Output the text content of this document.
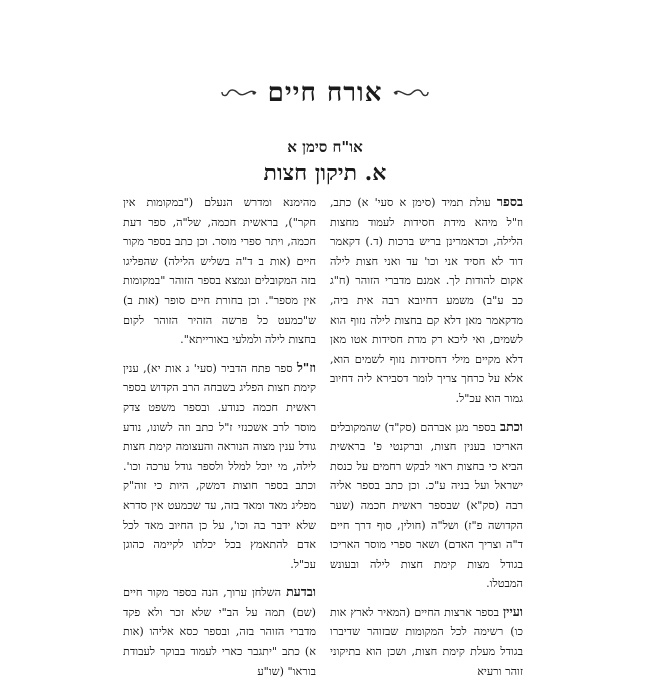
אורח חיים
או"ח סימן א
א. תיקון חצות

בספר עולת תמיד (סימן א סעי' א) כתב, וז"ל מיהא מידת חסידות לעמוד מחצות הלילה, וכדאמרינן בריש ברכות (ד.) דקאמר דוד לא חסיד אני וכו' עד ואני חצות לילה אקום להודות לך. אמנם מדברי הזוהר (ח"ג כב ע"ב) משמע דחיובא רבה אית ביה, מדקאמר מאן דלא קם בחצות לילה נזוף הוא לשמים, ואי ליכא רק מדת חסידות אטו מאן דלא מקיים מילי דחסידות נזוף לשמים הוא, אלא על כרחך צריך לומר דסבירא ליה דחיוב גמור הוא עכ"ל.

וכתב בספר מגן אברהם (סק"ד) שהמקובלים האריכו בענין חצות, וברקנטי פ' בראשית הביא כי בחצות ראוי לבקש רחמים על כנסת ישראל ועל בניה ע"כ. וכן כתב בספר אליה רבה (סק"א) שבספר ראשית חכמה (שער הקדושה פ"ז) ושל"ה (חולין, סוף דרך חיים ד"ה וצריך האדם) ושאר ספרי מוסר האריכו בגודל מצות קימת חצות לילה ובעונש המבטלו.

ועיין בספר ארצות החיים (המאיר לארץ אות כו) רשימה לכל המקומות שבזוהר שדיברו בגודל מעלת קימת חצות, ושכן הוא בתיקוני זוהר ורעיא

מהימנא ומדרש הנעלם ("במקומות אין חקר"), בראשית חכמה, של"ה, ספר דעת חכמה, ויתר ספרי מוסר. וכן כתב בספר מקור חיים (אות ב ד"ה בשליש הלילה) שהפליגו בזה המקובלים ונמצא בספר הזוהר "במקומות אין מספר". וכן בחורת חיים סופר (אות ב) ש"כמעט כל פרשה הזהיר הזוהר לקום בחצות לילה ולמלעי באורייתא".

וז"ל ספר פתח הדביר (סעי' ג אות יא), ענין קימת חצות הפליג בשבחה הרב הקדוש בספר ראשית חכמה כנודע. ובספר משפט צדק מוסר לרב אשכנזי ז"ל כתב וזה לשונו, נודע גודל ענין מצוה הנוראה והעצומה קימת חצות לילה, מי יוכל למלל ולספר גודל ערכה וכו'. וכתב בספר חוצות דמשק, היות כי זוה"ק מפליג מאד ומאד בזה, עד שכמעט אין סדרא שלא ידבר בה וכו', על כן החיוב מאד לכל אדם להתאמץ בכל יכלתו לקיימה כהוגן עכ"ל.

ובדעת השלחן ערוך, הנה בספר מקור חיים (שם) תמה על הב"י שלא זכר ולא פקד מדברי הזוהר בזה, ובספר כסא אליהו (אות א) כתב "יתגבר כארי לעמוד בבוקר לעבודת בוראו" (שו"ע
